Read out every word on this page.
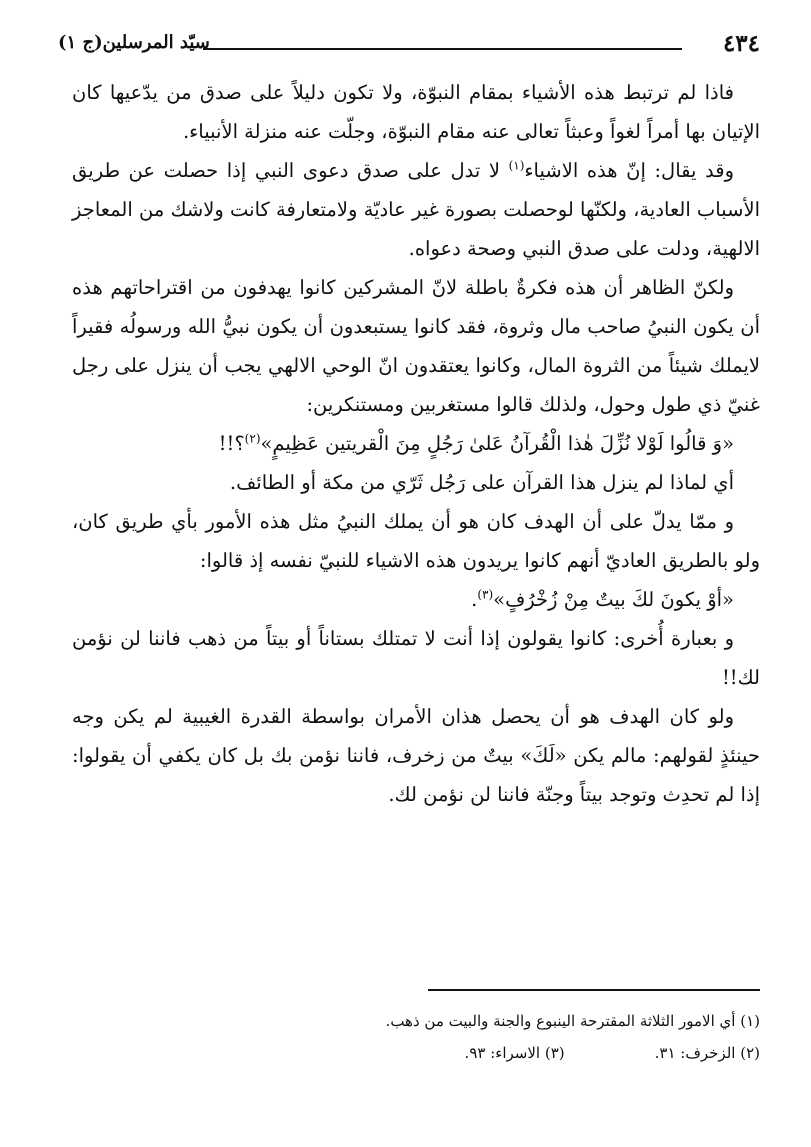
٤٣٤
سيّد المرسلين(ج ١)

فاذا لم ترتبط هذه الأشياء بمقام النبوّة، ولا تكون دليلاً على صدق من يدّعيها كان الإتيان بها أمراً لغواً وعبثاً تعالى عنه مقام النبوّة، وجلّت عنه منزلة الأنبياء.

وقد يقال: إنّ هذه الاشياء$^{(١)}$ لا تدل على صدق دعوى النبي إذا حصلت عن طريق الأسباب العادية، ولكنّها لوحصلت بصورة غير عاديّة ولامتعارفة كانت ولاشك من المعاجز الالهية، ودلت على صدق النبي وصحة دعواه.

ولكنّ الظاهر أن هذه فكرةٌ باطلة لانّ المشركين كانوا يهدفون من اقتراحاتهم هذه أن يكون النبيُ صاحب مال وثروة، فقد كانوا يستبعدون أن يكون نبيُّ الله ورسولُه فقيراً لايملك شيئاً من الثروة المال، وكانوا يعتقدون انّ الوحي الالهي يجب أن ينزل على رجل غنيّ ذي طول وحول، ولذلك قالوا مستغربين ومستنكرين:

«وَ قالُوا لَوْلا نُزِّلَ هٰذا الْقُرآنُ عَلىٰ رَجُلٍ مِنَ الْقريتين عَظِيمٍ»$^{(٢)}$؟!!

أي لماذا لم ينزل هذا القرآن على رَجُل ثَرّي من مكة أو الطائف.

و ممّا يدلّ على أن الهدف كان هو أن يملك النبيُ مثل هذه الأمور بأي طريق كان، ولو بالطريق العاديّ أنهم كانوا يريدون هذه الاشياء للنبيّ نفسه إذ قالوا:

«أوْ يكونَ لكَ بيتٌ مِنْ زُخْرُفٍ»$^{(٣)}$.

و بعبارة أُخرى: كانوا يقولون إذا أنت لا تمتلك بستاناً أو بيتاً من ذهب فاننا لن نؤمن لك!!

ولو كان الهدف هو أن يحصل هذان الأمران بواسطة القدرة الغيبية لم يكن وجه حينئذٍ لقولهم: مالم يكن «لَكَ» بيتٌ من زخرف، فاننا نؤمن بك بل كان يكفي أن يقولوا: إذا لم تحدِث وتوجد بيتاً وجنّة فاننا لن نؤمن لك.

(١) أي الامور الثلاثة المقترحة الينبوع والجنة والبيت من ذهب.
(٢) الزخرف: ٣١.(٣) الاسراء: ٩٣.
